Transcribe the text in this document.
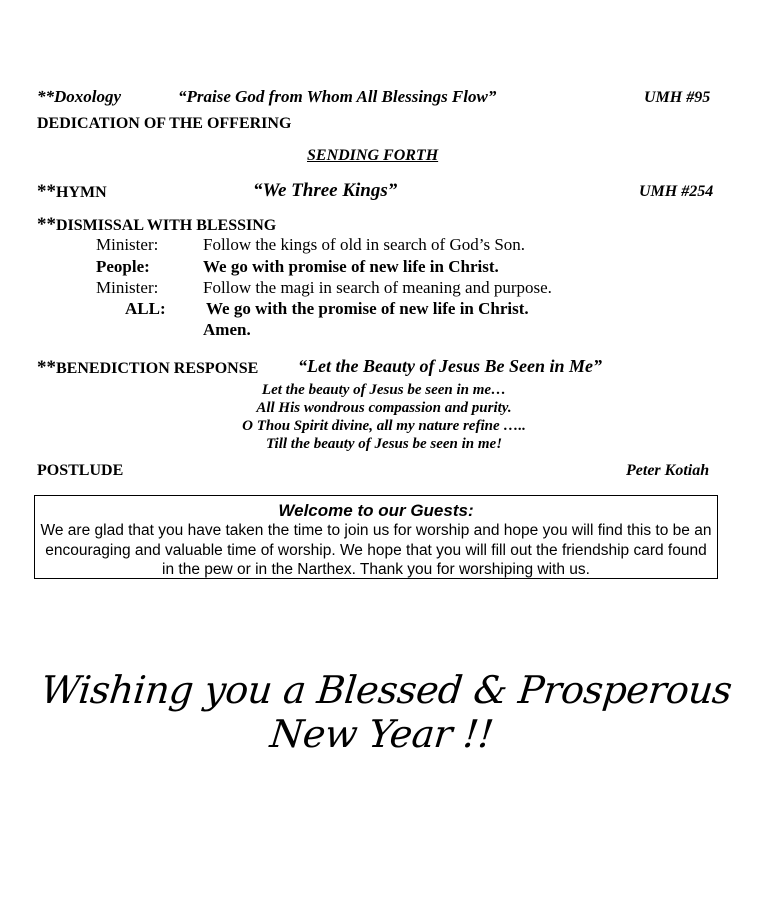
**Doxology	“Praise God from Whom All Blessings Flow”	UMH #95
DEDICATION OF THE OFFERING
SENDING FORTH
**HYMN	“We Three Kings”	UMH #254
**DISMISSAL WITH BLESSING
Minister:	Follow the kings of old in search of God’s Son.
People:	We go with promise of new life in Christ.
Minister:	Follow the magi in search of meaning and purpose.
ALL: We go with the promise of new life in Christ.
Amen.
**BENEDICTION RESPONSE “Let the Beauty of Jesus Be Seen in Me”
Let the beauty of Jesus be seen in me…
All His wondrous compassion and purity.
O Thou Spirit divine, all my nature refine …..
Till the beauty of Jesus be seen in me!
POSTLUDE	Peter Kotiah
Welcome to our Guests:
We are glad that you have taken the time to join us for worship and hope you will find this to be an encouraging and valuable time of worship. We hope that you will fill out the friendship card found in the pew or in the Narthex. Thank you for worshiping with us.
Wishing you a Blessed & Prosperous New Year !!
